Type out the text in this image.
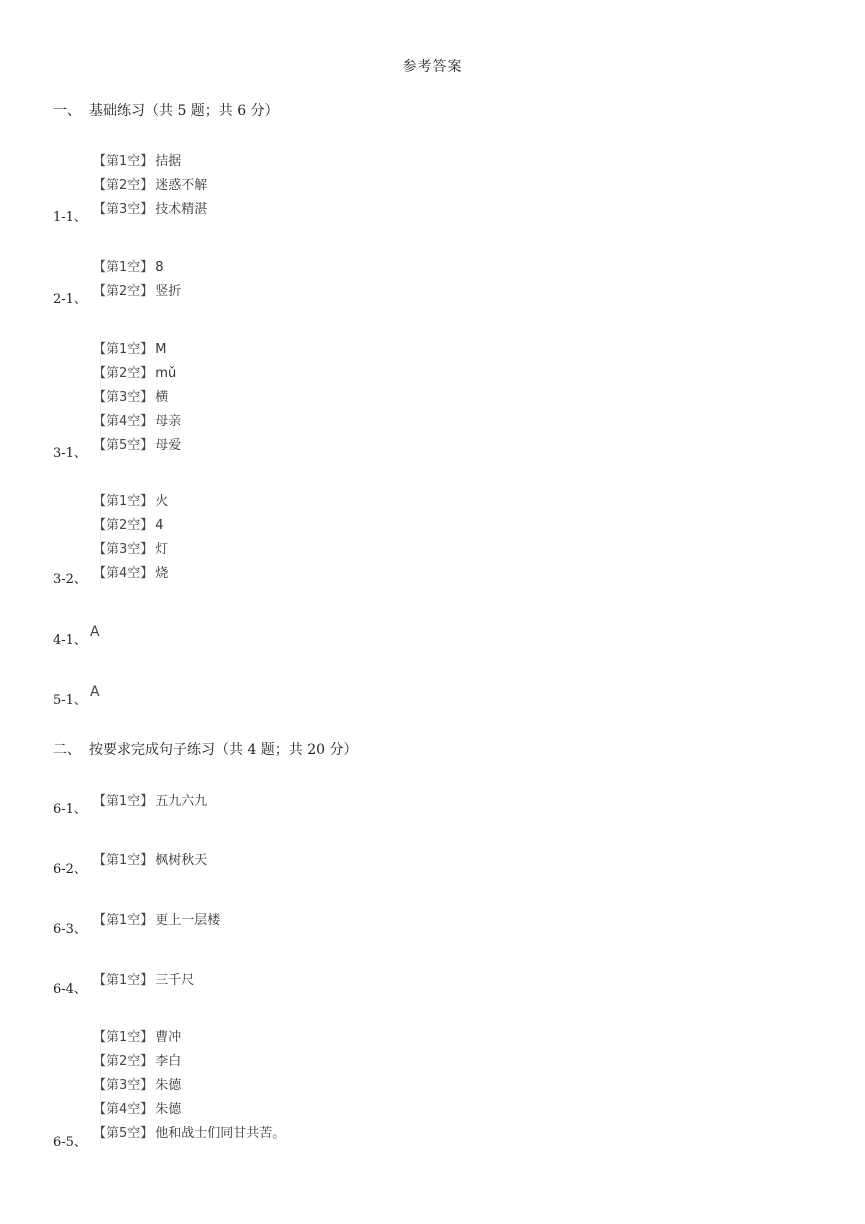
参考答案
一、 基础练习（共 5 题；共 6 分）
【第1空】 拮据
【第2空】 迷惑不解
【第3空】 技术精湛
1-1、
【第1空】 8
【第2空】 竖折
2-1、
【第1空】 M
【第2空】 mǔ
【第3空】 横
【第4空】 母亲
【第5空】 母爱
3-1、
【第1空】 火
【第2空】 4
【第3空】 灯
【第4空】 烧
3-2、
4-1、
A
5-1、
A
二、 按要求完成句子练习（共 4 题；共 20 分）
【第1空】 五九六九
6-1、
【第1空】 枫树秋天
6-2、
【第1空】 更上一层楼
6-3、
【第1空】 三千尺
6-4、
【第1空】 曹冲
【第2空】 李白
【第3空】 朱德
【第4空】 朱德
【第5空】 他和战士们同甘共苦。
6-5、
